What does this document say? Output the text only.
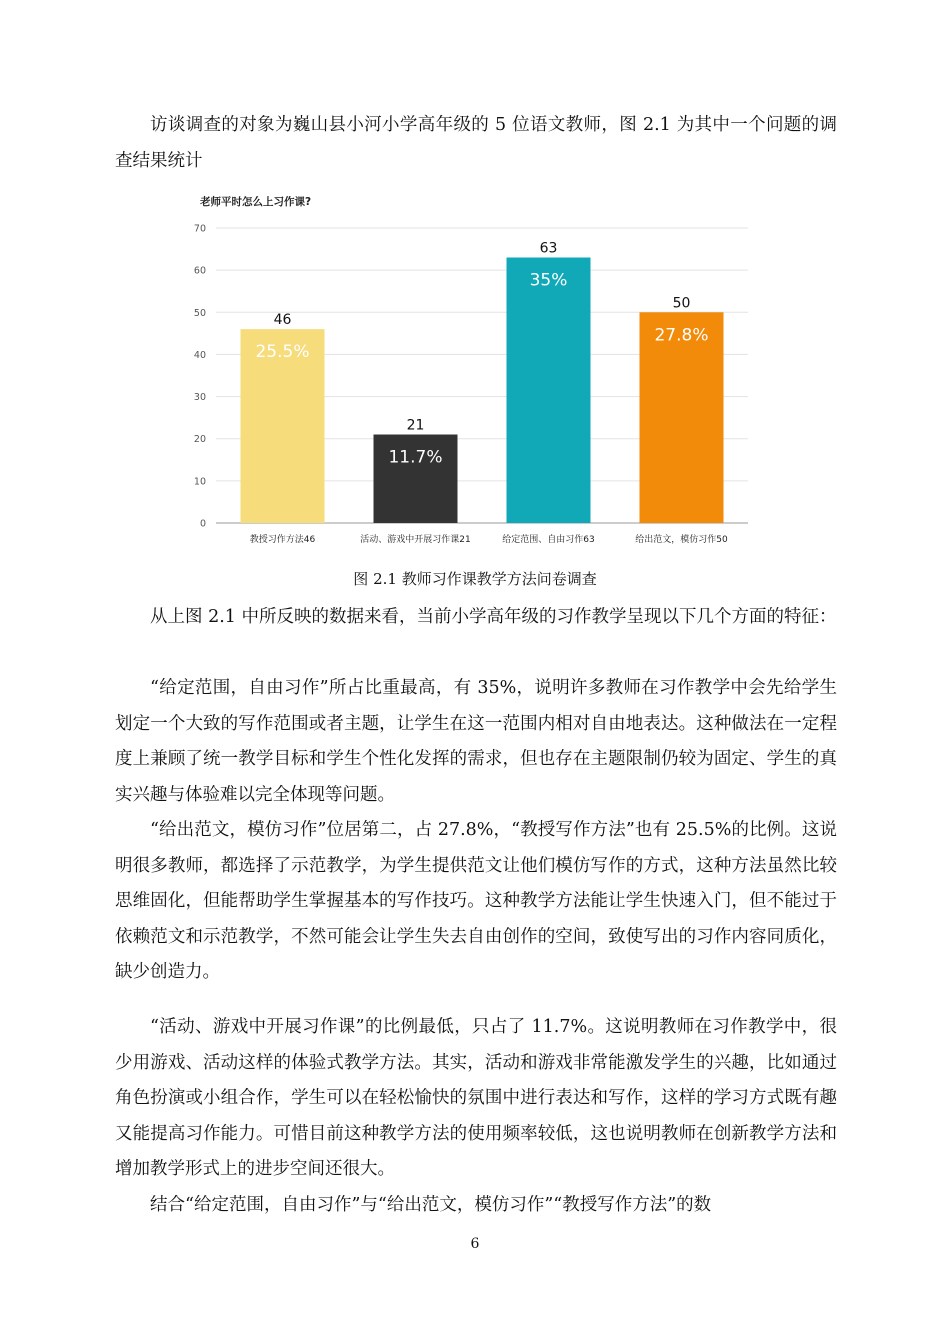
访谈调查的对象为巍山县小河小学高年级的 5 位语文教师，图 2.1 为其中一个问题的调查结果统计

老师平时怎么上习作课?
0
10
20
30
40
50
60
70
46
25.5%
教授习作方法46
21
11.7%
活动、游戏中开展习作课21
63
35%
给定范围、自由习作63
50
27.8%
给出范文，模仿习作50

图 2.1 教师习作课教学方法问卷调查

从上图 2.1 中所反映的数据来看，当前小学高年级的习作教学呈现以下几个方面的特征：

“给定范围，自由习作”所占比重最高，有 35%，说明许多教师在习作教学中会先给学生划定一个大致的写作范围或者主题，让学生在这一范围内相对自由地表达。这种做法在一定程度上兼顾了统一教学目标和学生个性化发挥的需求，但也存在主题限制仍较为固定、学生的真实兴趣与体验难以完全体现等问题。

“给出范文，模仿习作”位居第二，占 27.8%，“教授写作方法”也有 25.5%的比例。这说明很多教师，都选择了示范教学，为学生提供范文让他们模仿写作的方式，这种方法虽然比较思维固化，但能帮助学生掌握基本的写作技巧。这种教学方法能让学生快速入门，但不能过于依赖范文和示范教学，不然可能会让学生失去自由创作的空间，致使写出的习作内容同质化，缺少创造力。

“活动、游戏中开展习作课”的比例最低，只占了 11.7%。这说明教师在习作教学中，很少用游戏、活动这样的体验式教学方法。其实，活动和游戏非常能激发学生的兴趣，比如通过角色扮演或小组合作，学生可以在轻松愉快的氛围中进行表达和写作，这样的学习方式既有趣又能提高习作能力。可惜目前这种教学方法的使用频率较低，这也说明教师在创新教学方法和增加教学形式上的进步空间还很大。

结合“给定范围，自由习作”与“给出范文，模仿习作”“教授写作方法”的数

6
